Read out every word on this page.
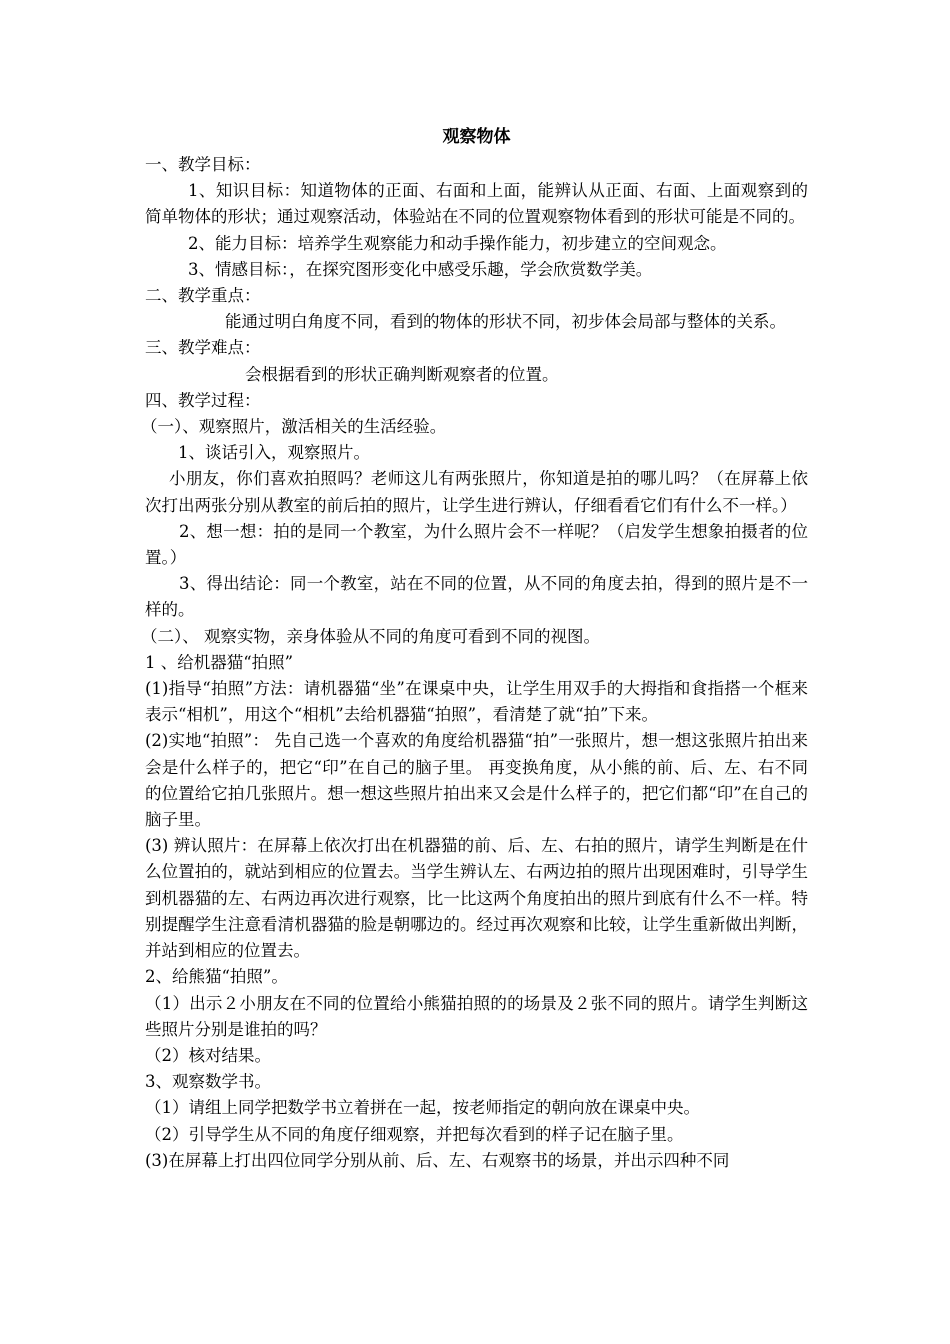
观察物体

一、教学目标：

1、知识目标：知道物体的正面、右面和上面，能辨认从正面、右面、上面观察到的简单物体的形状；通过观察活动，体验站在不同的位置观察物体看到的形状可能是不同的。

2、能力目标：培养学生观察能力和动手操作能力，初步建立的空间观念。

3、情感目标：，在探究图形变化中感受乐趣，学会欣赏数学美。

二、教学重点：

能通过明白角度不同，看到的物体的形状不同，初步体会局部与整体的关系。

三、教学难点：

会根据看到的形状正确判断观察者的位置。

四、教学过程：

（一）、观察照片，激活相关的生活经验。

1、谈话引入，观察照片。

小朋友，你们喜欢拍照吗？老师这儿有两张照片，你知道是拍的哪儿吗？（在屏幕上依次打出两张分别从教室的前后拍的照片，让学生进行辨认，仔细看看它们有什么不一样。）

2、想一想：拍的是同一个教室，为什么照片会不一样呢？（启发学生想象拍摄者的位置。）

3、得出结论：同一个教室，站在不同的位置，从不同的角度去拍，得到的照片是不一样的。

（二）、 观察实物，亲身体验从不同的角度可看到不同的视图。

1 、给机器猫“拍照”

(1)指导“拍照”方法：请机器猫“坐”在课桌中央，让学生用双手的大拇指和食指搭一个框来表示“相机”，用这个“相机”去给机器猫“拍照”，看清楚了就“拍”下来。

(2)实地“拍照”： 先自己选一个喜欢的角度给机器猫“拍”一张照片，想一想这张照片拍出来会是什么样子的，把它“印”在自己的脑子里。 再变换角度，从小熊的前、后、左、右不同的位置给它拍几张照片。想一想这些照片拍出来又会是什么样子的，把它们都“印”在自己的脑子里。

(3) 辨认照片：在屏幕上依次打出在机器猫的前、后、左、右拍的照片，请学生判断是在什么位置拍的，就站到相应的位置去。当学生辨认左、右两边拍的照片出现困难时，引导学生到机器猫的左、右两边再次进行观察，比一比这两个角度拍出的照片到底有什么不一样。特别提醒学生注意看清机器猫的脸是朝哪边的。经过再次观察和比较，让学生重新做出判断，并站到相应的位置去。

2、给熊猫“拍照”。

（1）出示２小朋友在不同的位置给小熊猫拍照的的场景及２张不同的照片。请学生判断这些照片分别是谁拍的吗？

（2）核对结果。

3、观察数学书。

（1）请组上同学把数学书立着拼在一起，按老师指定的朝向放在课桌中央。

（2）引导学生从不同的角度仔细观察，并把每次看到的样子记在脑子里。

(3)在屏幕上打出四位同学分别从前、后、左、右观察书的场景，并出示四种不同
